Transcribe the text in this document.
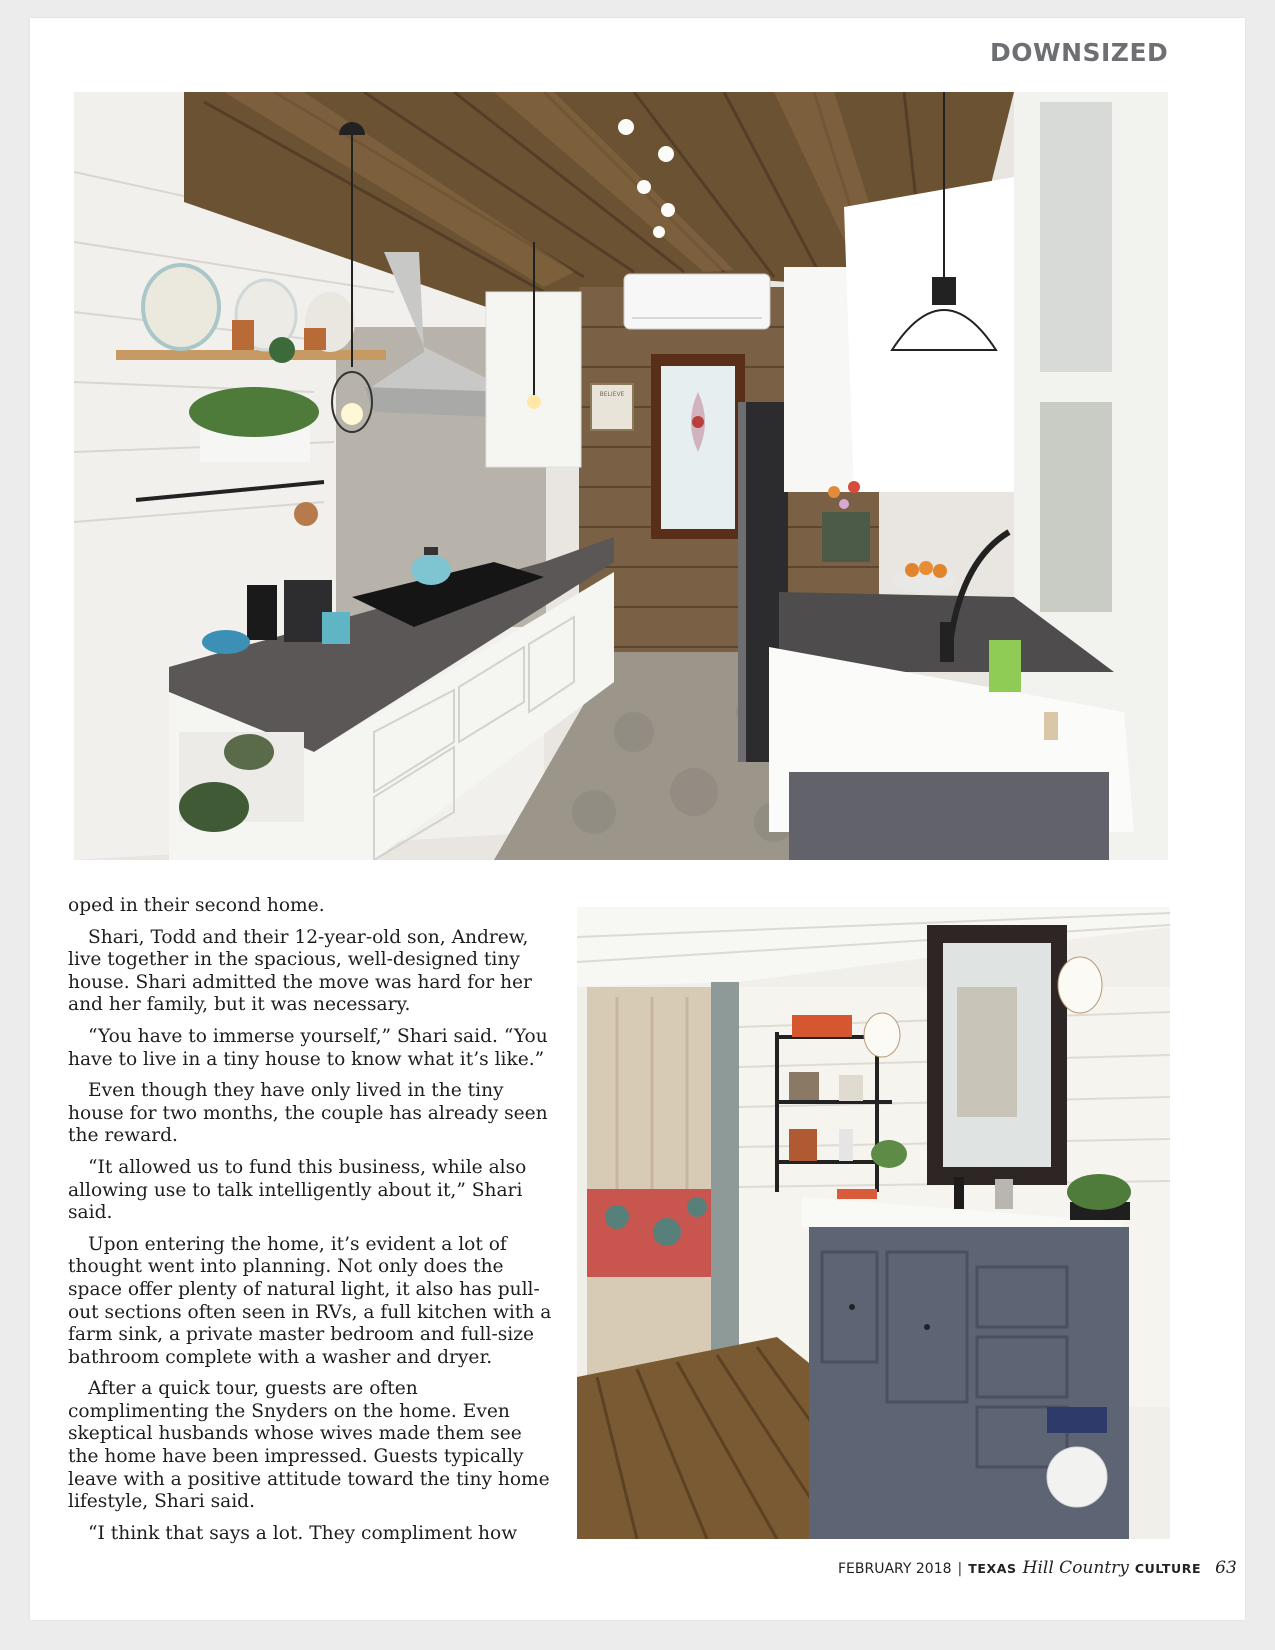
DOWNSIZED
BELIEVE

oped in their second home.

Shari, Todd and their 12-year-old son, Andrew, live together in the spacious, well-designed tiny house. Shari admitted the move was hard for her and her family, but it was necessary.

“You have to immerse yourself,” Shari said. “You have to live in a tiny house to know what it’s like.”

Even though they have only lived in the tiny house for two months, the couple has already seen the reward.

“It allowed us to fund this business, while also allowing use to talk intelligently about it,” Shari said.

Upon entering the home, it’s evident a lot of thought went into planning. Not only does the space offer plenty of natural light, it also has pull-out sections often seen in RVs, a full kitchen with a farm sink, a private master bedroom and full-size bathroom complete with a washer and dryer.

After a quick tour, guests are often complimenting the Snyders on the home. Even skeptical husbands whose wives made them see the home have been impressed. Guests typically leave with a positive attitude toward the tiny home lifestyle, Shari said.

“I think that says a lot. They compliment how

FEBRUARY 2018 | TEXAS Hill Country CULTURE 63
